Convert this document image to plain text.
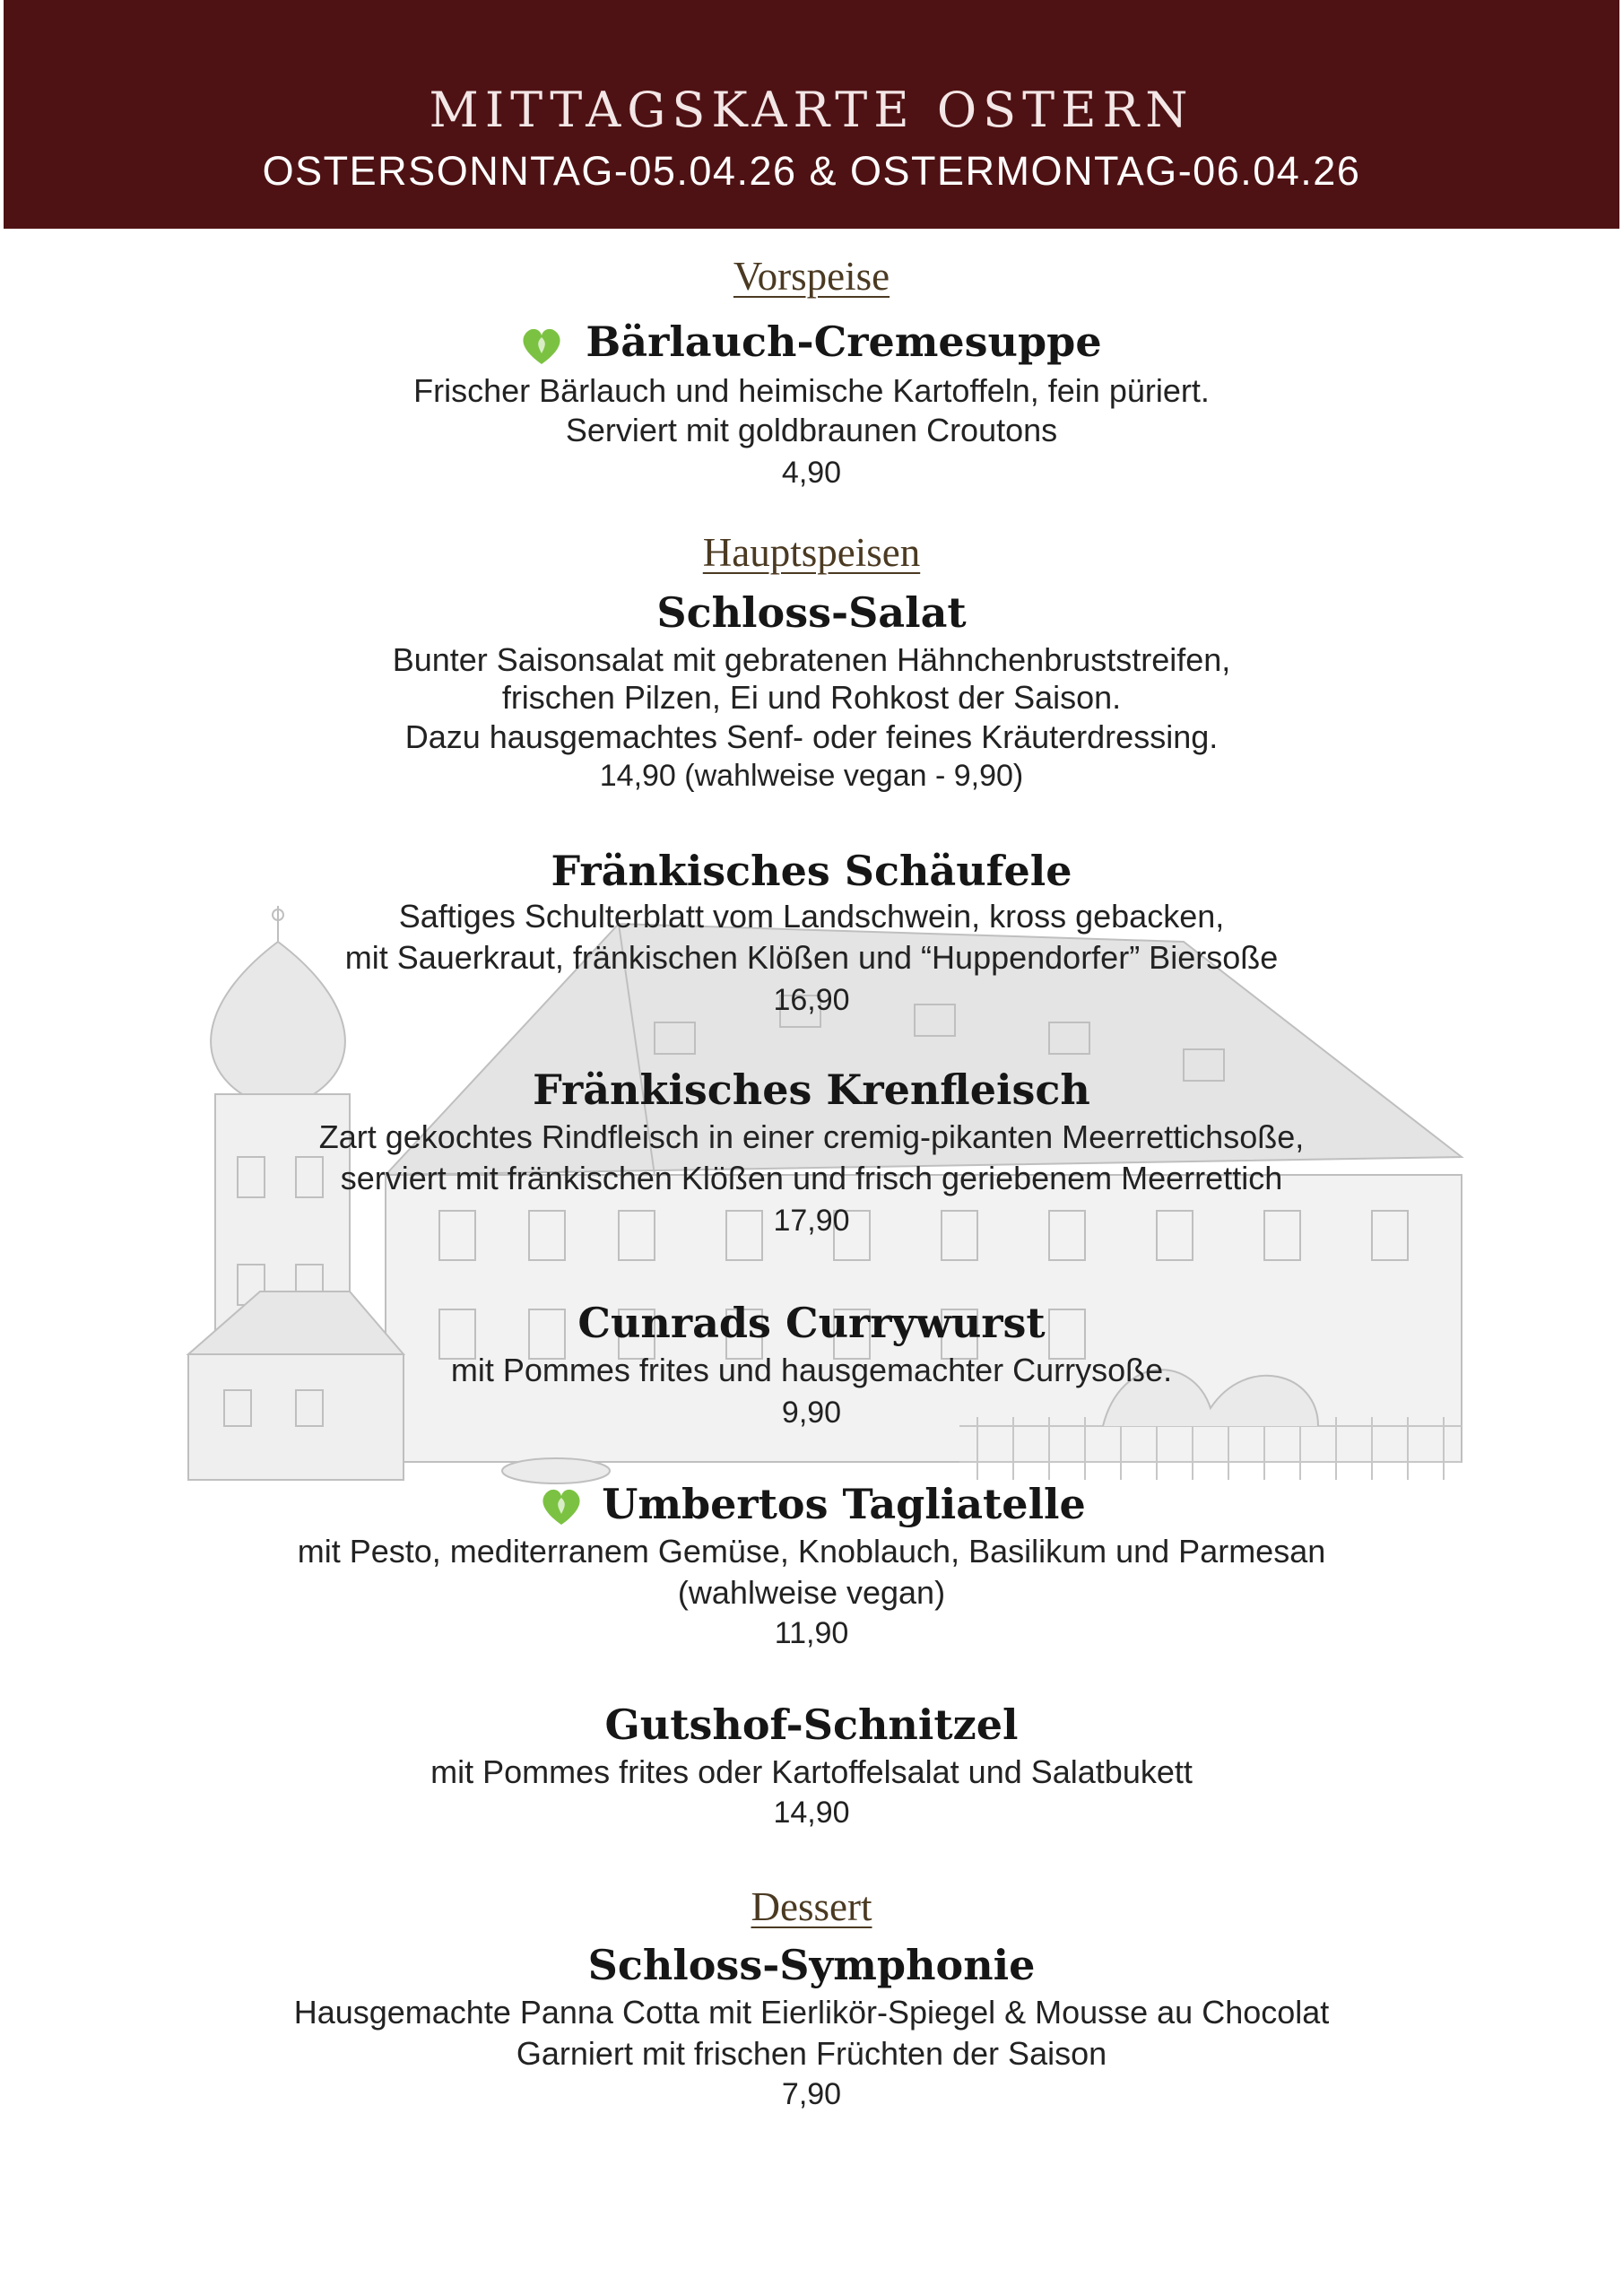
MITTAGSKARTE OSTERN
OSTERSONNTAG-05.04.26 & OSTERMONTAG-06.04.26
Vorspeise
Bärlauch-Cremesuppe
Frischer Bärlauch und heimische Kartoffeln, fein püriert.
Serviert mit goldbraunen Croutons
4,90
Hauptspeisen
Schloss-Salat
Bunter Saisonsalat mit gebratenen Hähnchenbruststreifen,
frischen Pilzen, Ei und Rohkost der Saison.
Dazu hausgemachtes Senf- oder feines Kräuterdressing.
14,90 (wahlweise vegan - 9,90)
Fränkisches Schäufele
Saftiges Schulterblatt vom Landschwein, kross gebacken,
mit Sauerkraut, fränkischen Klößen und “Huppendorfer” Biersoße
16,90
Fränkisches Krenfleisch
Zart gekochtes Rindfleisch in einer cremig-pikanten Meerrettichsoße,
serviert mit fränkischen Klößen und frisch geriebenem Meerrettich
17,90
Cunrads Currywurst
mit Pommes frites und hausgemachter Currysoße.
9,90
Umbertos Tagliatelle
mit Pesto, mediterranem Gemüse, Knoblauch, Basilikum und Parmesan
(wahlweise vegan)
11,90
Gutshof-Schnitzel
mit Pommes frites oder Kartoffelsalat und Salatbukett
14,90
Dessert
Schloss-Symphonie
Hausgemachte Panna Cotta mit Eierlikör-Spiegel & Mousse au Chocolat
Garniert mit frischen Früchten der Saison
7,90
